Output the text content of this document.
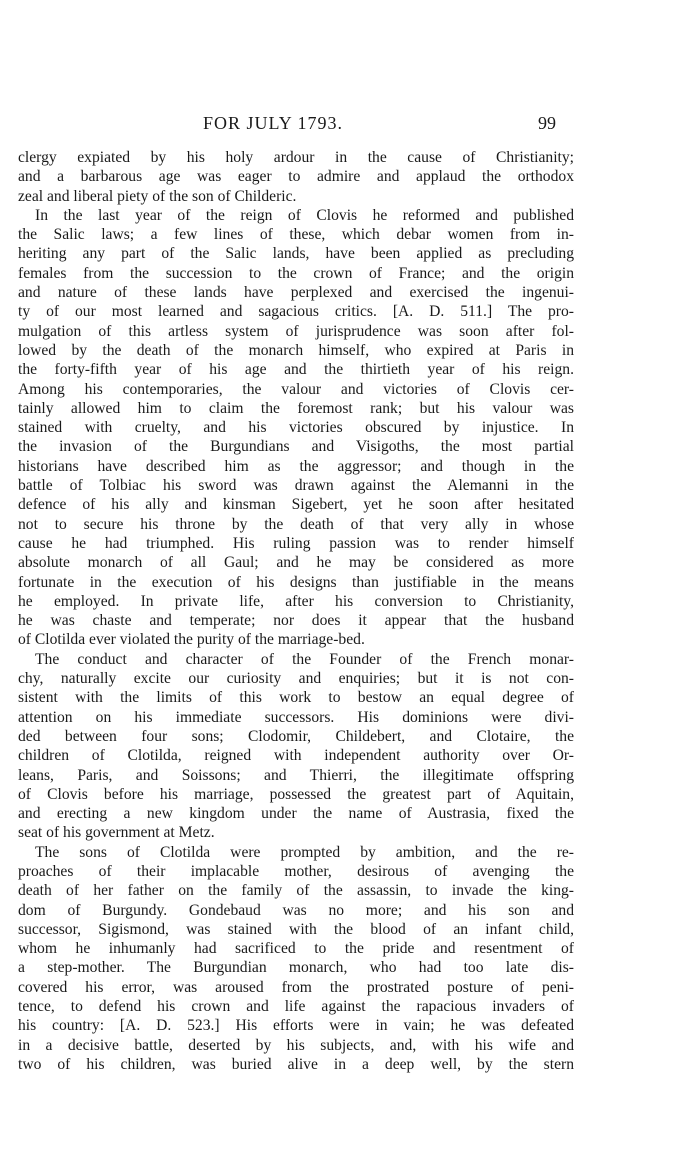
FOR JULY 1793.	99
clergy expiated by his holy ardour in the cause of Christianity;
and a barbarous age was eager to admire and applaud the orthodox
zeal and liberal piety of the son of Childeric.
In the last year of the reign of Clovis he reformed and published
the Salic laws; a few lines of these, which debar women from in-
heriting any part of the Salic lands, have been applied as precluding
females from the succession to the crown of France; and the origin
and nature of these lands have perplexed and exercised the ingenui-
ty of our most learned and sagacious critics. [A. D. 511.] The pro-
mulgation of this artless system of jurisprudence was soon after fol-
lowed by the death of the monarch himself, who expired at Paris in
the forty-fifth year of his age and the thirtieth year of his reign.
Among his contemporaries, the valour and victories of Clovis cer-
tainly allowed him to claim the foremost rank; but his valour was
stained with cruelty, and his victories obscured by injustice. In
the invasion of the Burgundians and Visigoths, the most partial
historians have described him as the aggressor; and though in the
battle of Tolbiac his sword was drawn against the Alemanni in the
defence of his ally and kinsman Sigebert, yet he soon after hesitated
not to secure his throne by the death of that very ally in whose
cause he had triumphed. His ruling passion was to render himself
absolute monarch of all Gaul; and he may be considered as more
fortunate in the execution of his designs than justifiable in the means
he employed. In private life, after his conversion to Christianity,
he was chaste and temperate; nor does it appear that the husband
of Clotilda ever violated the purity of the marriage-bed.
The conduct and character of the Founder of the French monar-
chy, naturally excite our curiosity and enquiries; but it is not con-
sistent with the limits of this work to bestow an equal degree of
attention on his immediate successors. His dominions were divi-
ded between four sons; Clodomir, Childebert, and Clotaire, the
children of Clotilda, reigned with independent authority over Or-
leans, Paris, and Soissons; and Thierri, the illegitimate offspring
of Clovis before his marriage, possessed the greatest part of Aquitain,
and erecting a new kingdom under the name of Austrasia, fixed the
seat of his government at Metz.
The sons of Clotilda were prompted by ambition, and the re-
proaches of their implacable mother, desirous of avenging the
death of her father on the family of the assassin, to invade the king-
dom of Burgundy. Gondebaud was no more; and his son and
successor, Sigismond, was stained with the blood of an infant child,
whom he inhumanly had sacrificed to the pride and resentment of
a step-mother. The Burgundian monarch, who had too late dis-
covered his error, was aroused from the prostrated posture of peni-
tence, to defend his crown and life against the rapacious invaders of
his country: [A. D. 523.] His efforts were in vain; he was defeated
in a decisive battle, deserted by his subjects, and, with his wife and
two of his children, was buried alive in a deep well, by the stern
